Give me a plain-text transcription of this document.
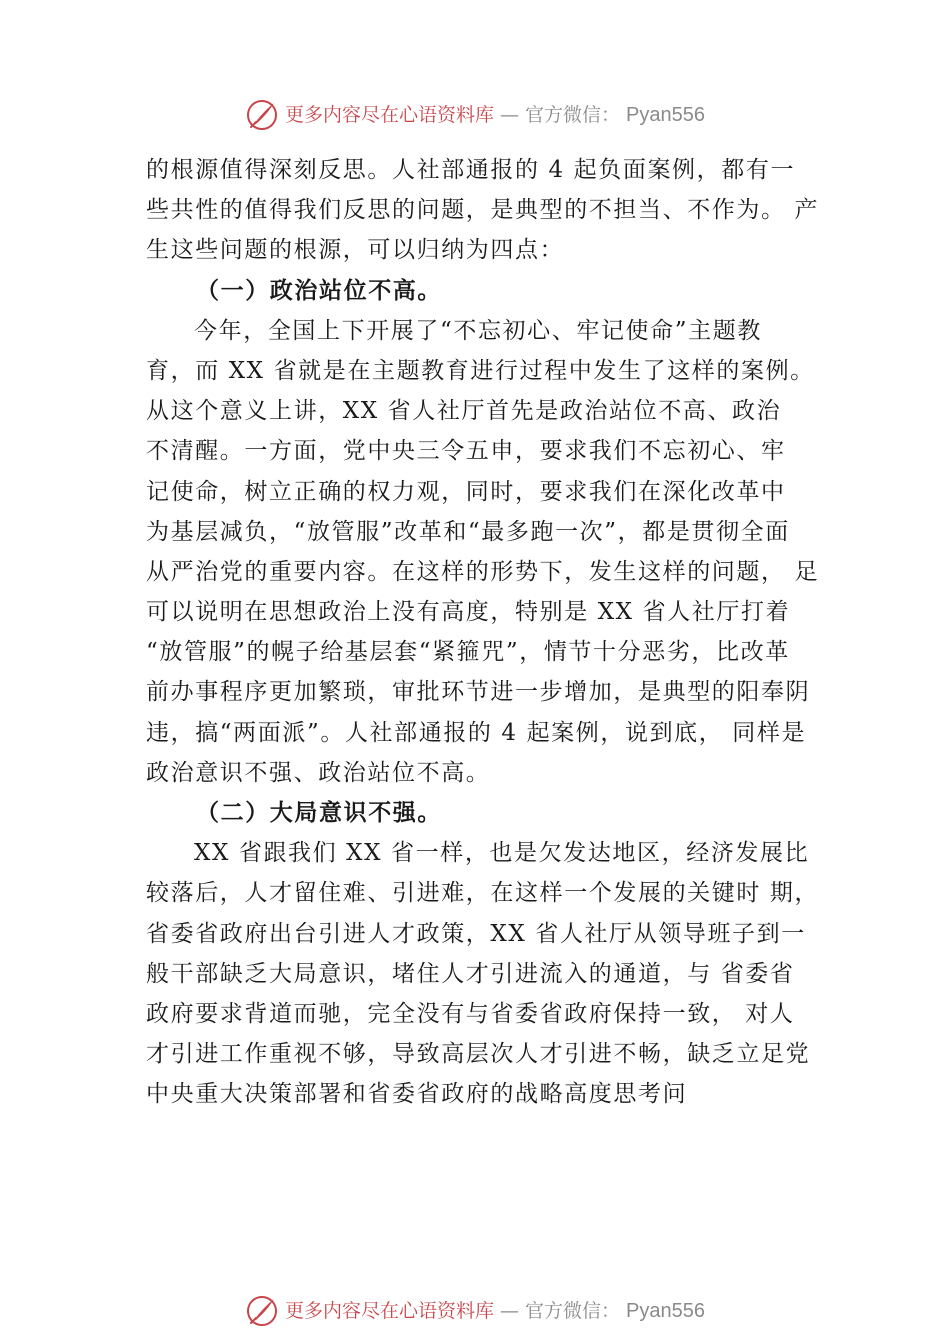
更多内容尽在心语资料库 — 官方微信： Pyan556
的根源值得深刻反思。人社部通报的 4 起负面案例，都有一
些共性的值得我们反思的问题，是典型的不担当、不作为。 产
生这些问题的根源，可以归纳为四点：
（一）政治站位不高。
今年，全国上下开展了“不忘初心、牢记使命”主题教
育，而 XX 省就是在主题教育进行过程中发生了这样的案例。
从这个意义上讲，XX 省人社厅首先是政治站位不高、政治
不清醒。一方面，党中央三令五申，要求我们不忘初心、牢
记使命，树立正确的权力观，同时，要求我们在深化改革中
为基层减负，“放管服”改革和“最多跑一次”，都是贯彻全面
从严治党的重要内容。在这样的形势下，发生这样的问题， 足
可以说明在思想政治上没有高度，特别是 XX 省人社厅打着
“放管服”的幌子给基层套“紧箍咒”，情节十分恶劣，比改革
前办事程序更加繁琐，审批环节进一步增加，是典型的阳奉阴
违，搞“两面派”。人社部通报的 4 起案例，说到底， 同样是
政治意识不强、政治站位不高。
（二）大局意识不强。
XX 省跟我们 XX 省一样，也是欠发达地区，经济发展比
较落后，人才留住难、引进难，在这样一个发展的关键时 期，
省委省政府出台引进人才政策，XX 省人社厅从领导班子到一
般干部缺乏大局意识，堵住人才引进流入的通道，与 省委省
政府要求背道而驰，完全没有与省委省政府保持一致， 对人
才引进工作重视不够，导致高层次人才引进不畅，缺乏立足党
中央重大决策部署和省委省政府的战略高度思考问
更多内容尽在心语资料库 — 官方微信： Pyan556
